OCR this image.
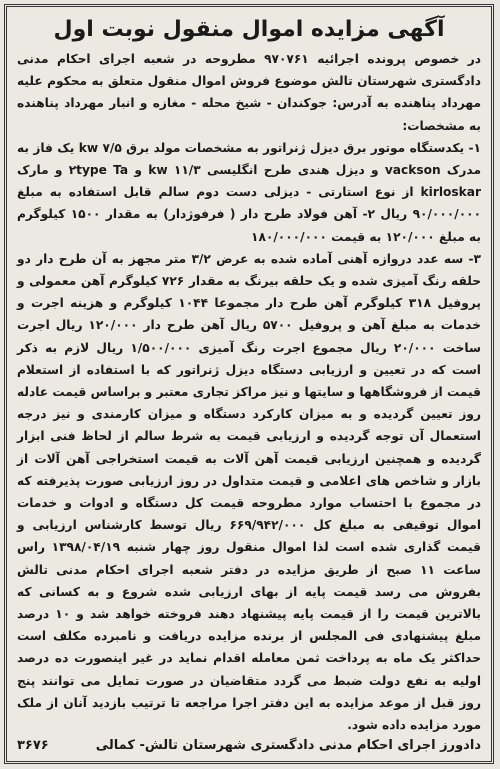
آگهی مزایده اموال منقول نوبت اول

در خصوص پرونده اجرائیه ۹۷۰۷۶۱ مطروحه در شعبه اجرای احکام مدنی دادگستری شهرستان تالش موضوع فروش اموال منقول متعلق به محکوم علیه مهرداد پناهنده به آدرس: جوکندان - شیخ محله - مغازه و انبار مهرداد پناهنده به مشخصات:

۱- یکدستگاه موتور برق دیزل ژنراتور به مشخصات مولد برق ۷/۵ kw یک فاز به مدرک vackson و دیزل هندی طرح انگلیسی ۱۱/۳ kw و ۲type Ta و مارک kirloskar از نوع استارتی - دیزلی دست دوم سالم قابل استفاده به مبلغ ۹۰/۰۰۰/۰۰۰ ریال ۲- آهن فولاد طرح دار ( فرفوژدار) به مقدار ۱۵۰۰ کیلوگرم به مبلغ ۱۲۰/۰۰۰ به قیمت ۱۸۰/۰۰۰/۰۰۰

۳- سه عدد دروازه آهنی آماده شده به عرض ۳/۲ متر مجهز به آن طرح دار دو حلقه رنگ آمیزی شده و یک حلقه بیرنگ به مقدار ۷۲۶ کیلوگرم آهن معمولی و پروفیل ۳۱۸ کیلوگرم آهن طرح دار مجموعا ۱۰۴۴ کیلوگرم و هزینه اجرت و خدمات به مبلغ آهن و پروفیل ۵۷۰۰ ریال آهن طرح دار ۱۲۰/۰۰۰ ریال اجرت ساخت ۲۰/۰۰۰ ریال مجموع اجرت رنگ آمیزی ۱/۵۰۰/۰۰۰ ریال لازم به ذکر است که در تعیین و ارزیابی دستگاه دیزل ژنراتور که با استفاده از استعلام قیمت از فروشگاهها و سایتها و نیز مراکز تجاری معتبر و براساس قیمت عادله روز تعیین گردیده و به میزان کارکرد دستگاه و میزان کارمندی و نیز درجه استعمال آن توجه گردیده و ارزیابی قیمت به شرط سالم از لحاظ فنی ابزار گردیده و همچنین ارزیابی قیمت آهن آلات به قیمت استخراجی آهن آلات از بازار و شاخص های اعلامی و قیمت متداول در روز ارزیابی صورت پذیرفته که در مجموع با احتساب موارد مطروحه قیمت کل دستگاه و ادوات و خدمات اموال توقیفی به مبلغ کل ۶۶۹/۹۴۲/۰۰۰ ریال توسط کارشناس ارزیابی و قیمت گذاری شده است لذا اموال منقول روز چهار شنبه ۱۳۹۸/۰۴/۱۹ راس ساعت ۱۱ صبح از طریق مزایده در دفتر شعبه اجرای احکام مدنی تالش بفروش می رسد قیمت پایه از بهای ارزیابی شده شروع و به کسانی که بالاترین قیمت را از قیمت پایه پیشنهاد دهند فروخته خواهد شد و ۱۰ درصد مبلغ پیشنهادی فی المجلس از برنده مزایده دریافت و نامبرده مکلف است حداکثر یک ماه به پرداخت ثمن معامله اقدام نماید در غیر اینصورت ده درصد اولیه به نفع دولت ضبط می گردد متقاضیان در صورت تمایل می توانند پنج روز قبل از موعد مزایده به این دفتر اجرا مراجعه تا ترتیب بازدید آنان از ملک مورد مزایده داده شود.

دادورز اجرای احکام مدنی دادگستری شهرستان تالش- کمالی
۳۶۷۶
